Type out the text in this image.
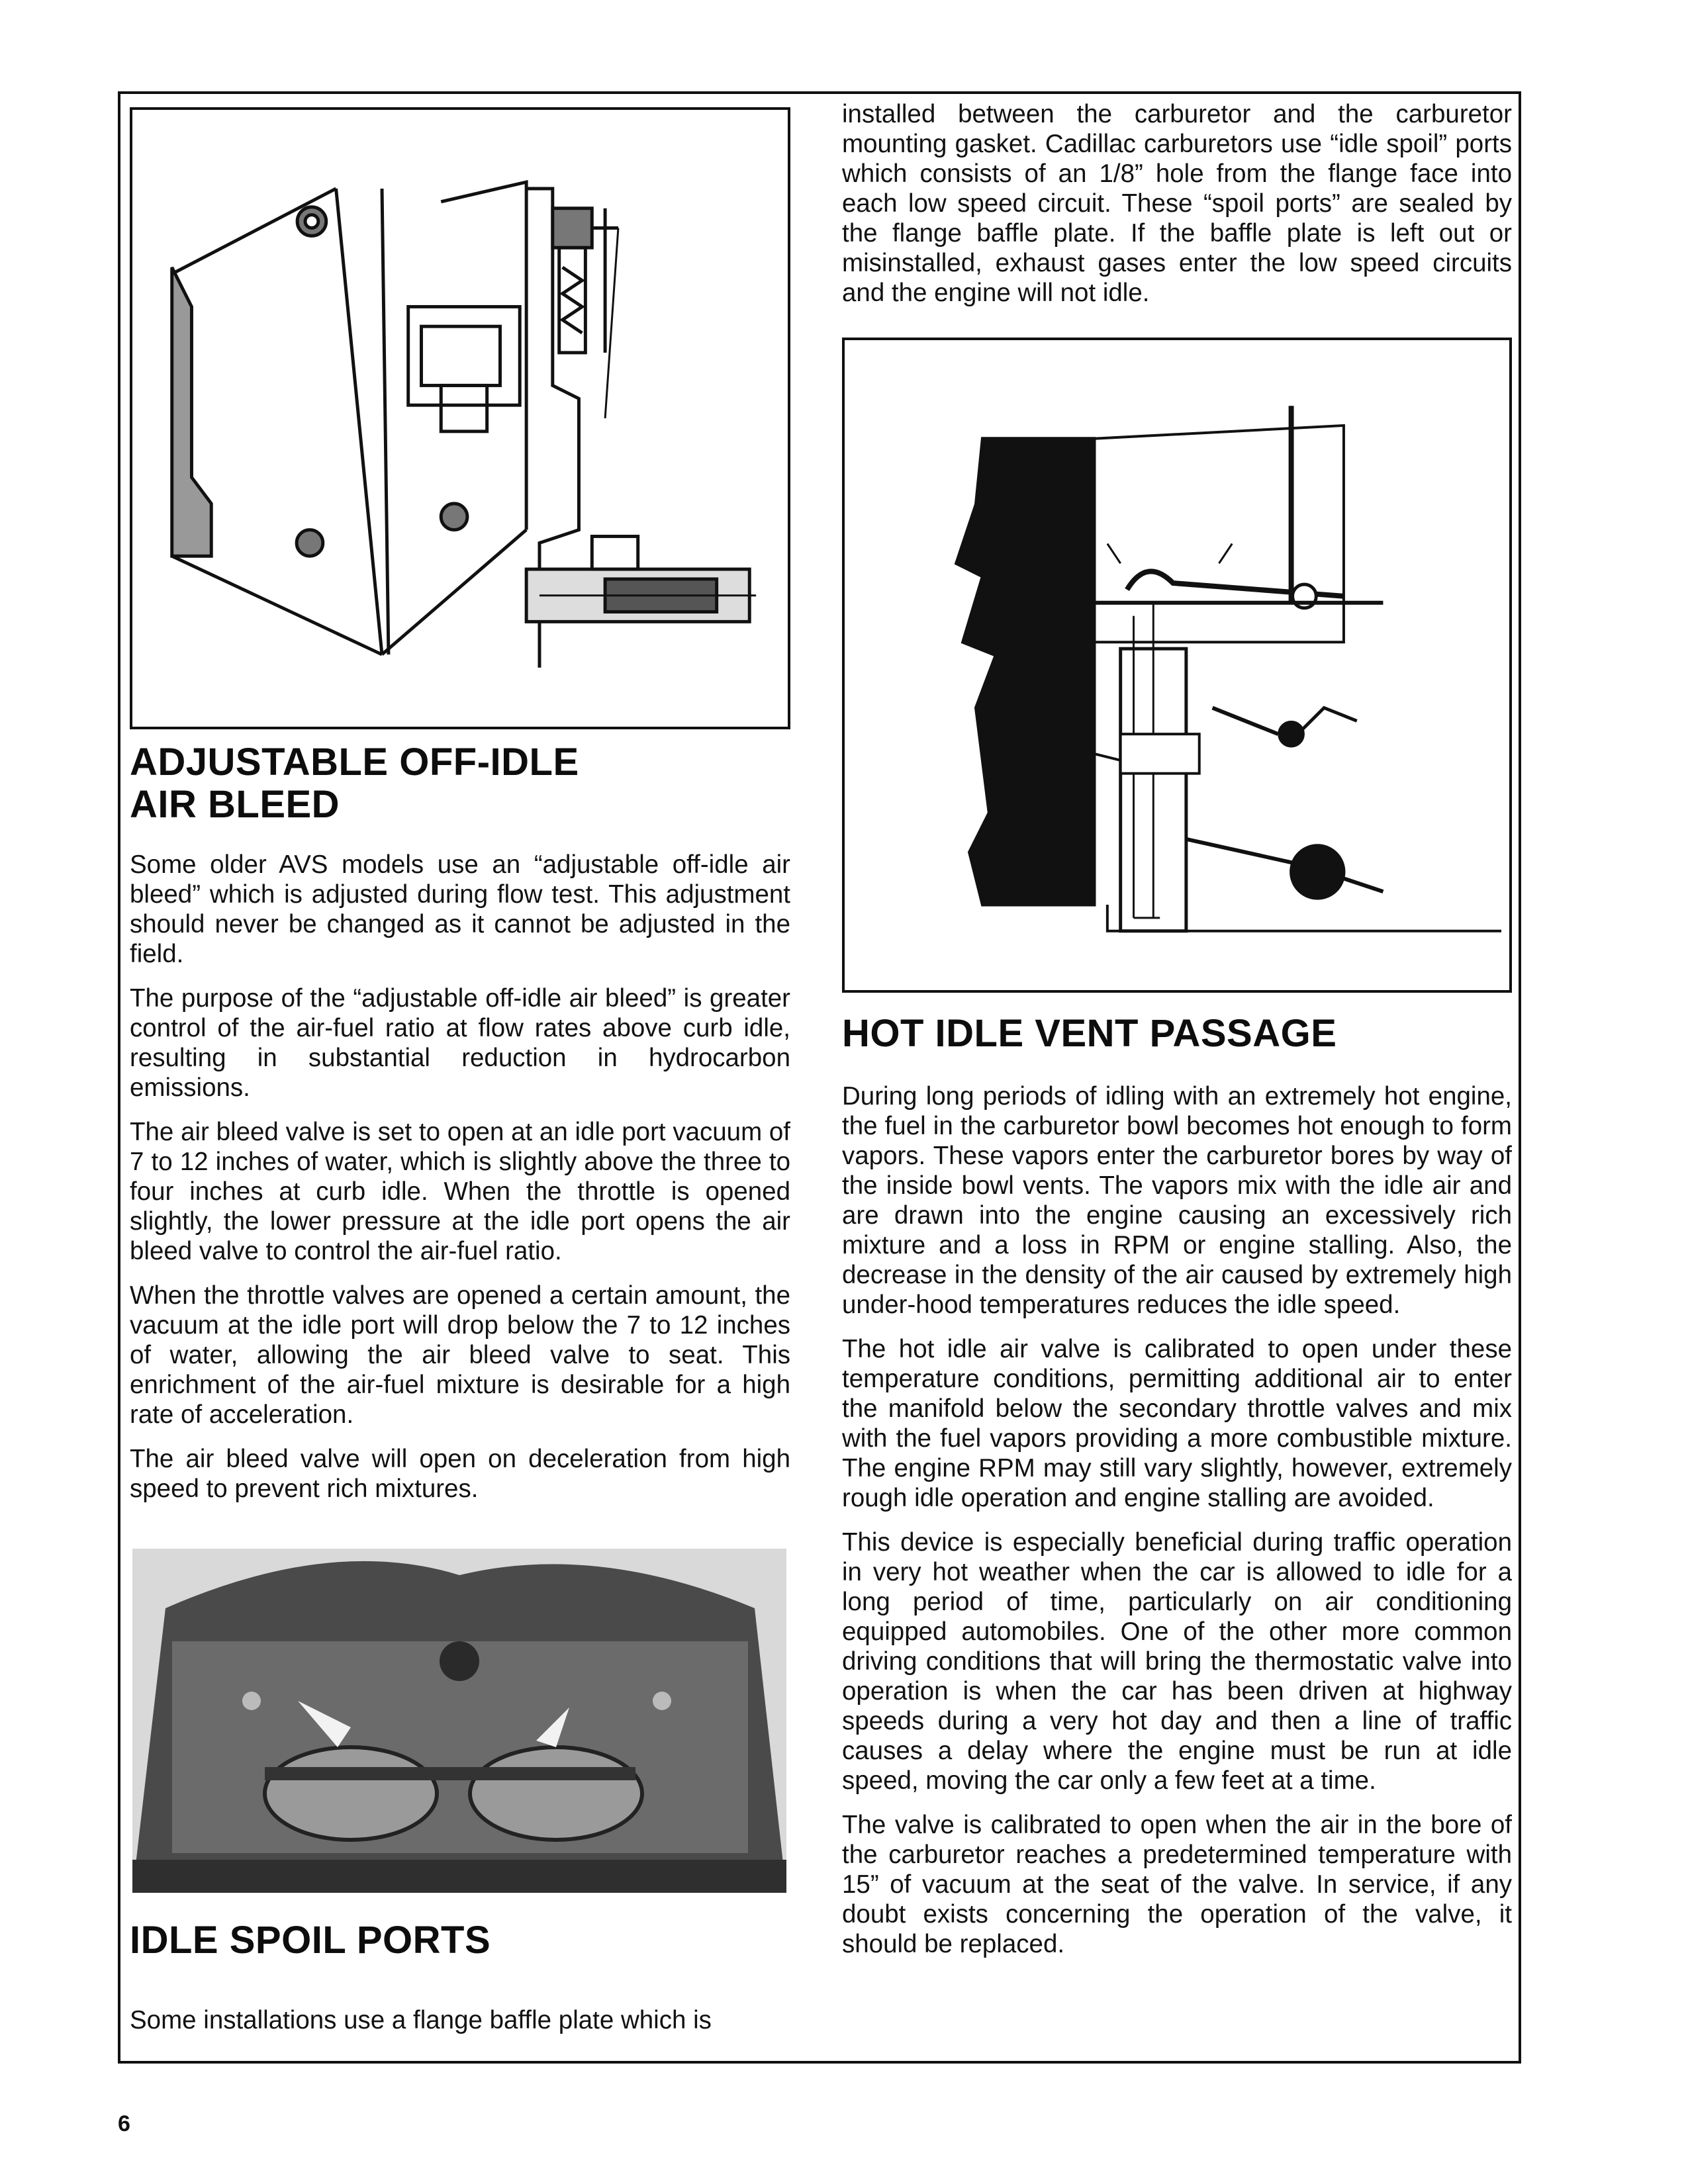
ADJUSTABLE OFF-IDLE
AIR BLEED

Some older AVS models use an “adjustable off-idle air bleed” which is adjusted during flow test. This adjustment should never be changed as it cannot be adjusted in the field.

The purpose of the “adjustable off-idle air bleed” is greater control of the air-fuel ratio at flow rates above curb idle, resulting in substantial reduction in hydrocarbon emissions.

The air bleed valve is set to open at an idle port vacuum of 7 to 12 inches of water, which is slightly above the three to four inches at curb idle. When the throttle is opened slightly, the lower pressure at the idle port opens the air bleed valve to control the air-fuel ratio.

When the throttle valves are opened a certain amount, the vacuum at the idle port will drop below the 7 to 12 inches of water, allowing the air bleed valve to seat. This enrichment of the air-fuel mixture is desirable for a high rate of acceleration.

The air bleed valve will open on deceleration from high speed to prevent rich mixtures.

IDLE SPOIL PORTS

Some installations use a flange baffle plate which is

installed between the carburetor and the carburetor mounting gasket. Cadillac carburetors use “idle spoil” ports which consists of an 1/8” hole from the flange face into each low speed circuit. These “spoil ports” are sealed by the flange baffle plate. If the baffle plate is left out or misinstalled, exhaust gases enter the low speed circuits and the engine will not idle.

HOT IDLE VENT PASSAGE

During long periods of idling with an extremely hot engine, the fuel in the carburetor bowl becomes hot enough to form vapors. These vapors enter the carburetor bores by way of the inside bowl vents. The vapors mix with the idle air and are drawn into the engine causing an excessively rich mixture and a loss in RPM or engine stalling. Also, the decrease in the density of the air caused by extremely high under-hood temperatures reduces the idle speed.

The hot idle air valve is calibrated to open under these temperature conditions, permitting additional air to enter the manifold below the secondary throttle valves and mix with the fuel vapors providing a more combustible mixture. The engine RPM may still vary slightly, however, extremely rough idle operation and engine stalling are avoided.

This device is especially beneficial during traffic operation in very hot weather when the car is allowed to idle for a long period of time, particularly on air conditioning equipped automobiles. One of the other more common driving conditions that will bring the thermostatic valve into operation is when the car has been driven at highway speeds during a very hot day and then a line of traffic causes a delay where the engine must be run at idle speed, moving the car only a few feet at a time.

The valve is calibrated to open when the air in the bore of the carburetor reaches a predetermined temperature with 15” of vacuum at the seat of the valve. In service, if any doubt exists concerning the operation of the valve, it should be replaced.

6
